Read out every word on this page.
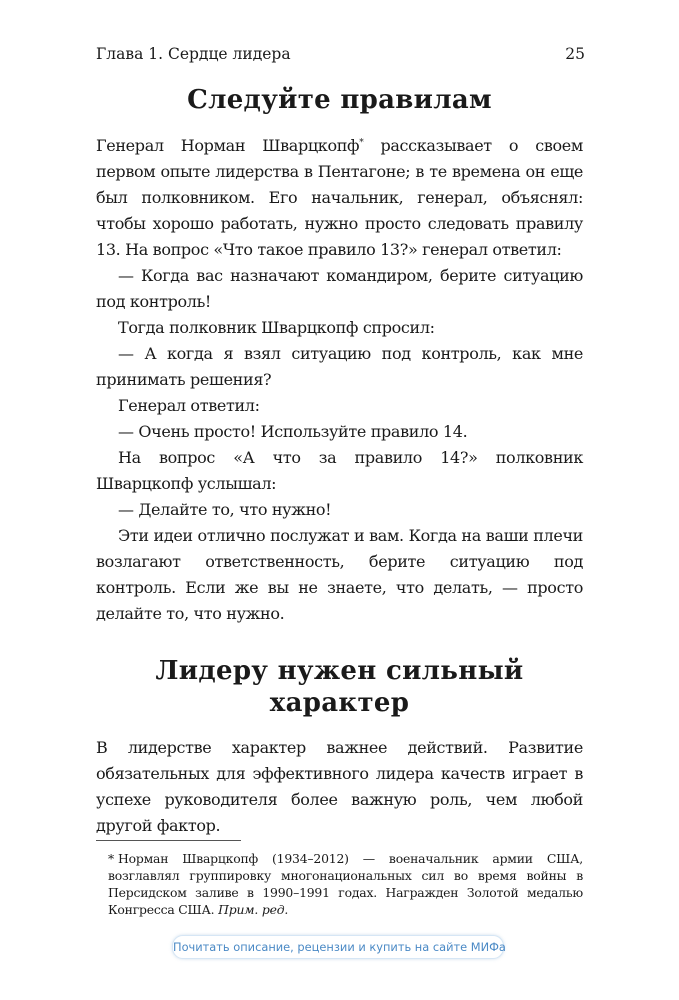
Глава 1. Сердце лидера	25
Следуйте правилам

Генерал Норман Шварцкопф* рассказывает о своем первом опыте лидерства в Пентагоне; в те времена он еще был полковником. Его начальник, генерал, объяснял: чтобы хорошо работать, нужно просто следовать правилу 13. На вопрос «Что такое правило 13?» генерал ответил:

— Когда вас назначают командиром, берите ситуацию под контроль!

Тогда полковник Шварцкопф спросил:

— А когда я взял ситуацию под контроль, как мне принимать решения?

Генерал ответил:

— Очень просто! Используйте правило 14.

На вопрос «А что за правило 14?» полковник Шварцкопф услышал:

— Делайте то, что нужно!

Эти идеи отлично послужат и вам. Когда на ваши плечи возлагают ответственность, берите ситуацию под контроль. Если же вы не знаете, что делать, — просто делайте то, что нужно.

Лидеру нужен сильный характер

В лидерстве характер важнее действий. Развитие обязательных для эффективного лидера качеств играет в успехе руководителя более важную роль, чем любой другой фактор.

* Норман Шварцкопф (1934–2012) — военачальник армии США, возглавлял группировку многонациональных сил во время войны в Персидском заливе в 1990–1991 годах. Награжден Золотой медалью Конгресса США. Прим. ред.
Почитать описание, рецензии и купить на сайте МИФа
